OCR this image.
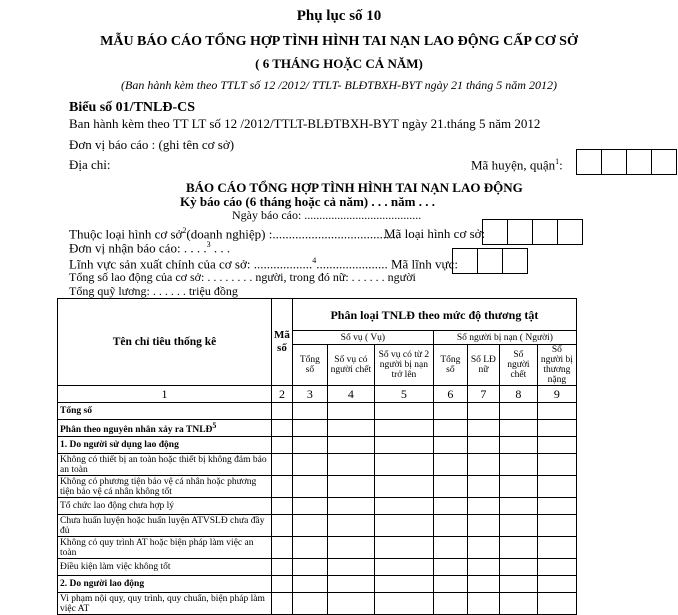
Phụ lục số 10
MẪU BÁO CÁO TỔNG HỢP TÌNH HÌNH TAI NẠN LAO ĐỘNG CẤP CƠ SỞ
( 6 THÁNG HOẶC CẢ NĂM)
(Ban hành kèm theo TTLT số 12 /2012/ TTLT- BLĐTBXH-BYT ngày 21 tháng 5 năm 2012)
Biểu số 01/TNLĐ-CS
Ban hành kèm theo TT LT số 12 /2012/TTLT-BLĐTBXH-BYT ngày 21.tháng 5 năm 2012
Đơn vị báo cáo : (ghi tên cơ sở)
Địa chỉ:	Mã huyện, quận$^1$:
BÁO CÁO TỔNG HỢP TÌNH HÌNH TAI NẠN LAO ĐỘNG
Kỳ báo cáo (6 tháng hoặc cả năm) . . . năm . . .
Ngày báo cáo: .......................................
Thuộc loại hình cơ sở$^2$(doanh nghiệp) :.......................................
Mã loại hình cơ sở:
Đơn vị nhận báo cáo: . . . .$^3$ . . .
Lĩnh vực sản xuất chính của cơ sở: ..................$^4$...................... Mã lĩnh vực:
Tổng số lao động của cơ sở: . . . . . . . . người, trong đó nữ: . . . . . . người
Tổng quỹ lương: . . . . . . triệu đồng
Tên chỉ tiêu thống kê	Mã số	Phân loại TNLĐ theo mức độ thương tật						
		Số vụ ( Vụ)			Số người bị nạn ( Người)			
		Tổng số	Số vụ có người chết	Số vụ có từ 2 người bị nạn trở lên	Tổng số	Số LĐ nữ	Số người chết	Số người bị thương nặng
1	2	3	4	5	6	7	8	9
Tổng số								
Phân theo nguyên nhân xảy ra TNLĐ$^5$								
1. Do người sử dụng lao động								
Không có thiết bị an toàn hoặc thiết bị không đảm bảo an toàn								
Không có phương tiện bảo vệ cá nhân hoặc phương tiện bảo vệ cá nhân không tốt								
Tổ chức lao động chưa hợp lý								
Chưa huấn luyện hoặc huấn luyện ATVSLĐ chưa đầy đủ								
Không có quy trình AT hoặc biện pháp làm việc an toàn								
Điều kiện làm việc không tốt								
2. Do người lao động								
Vi phạm nội quy, quy trình, quy chuẩn, biện pháp làm việc AT								
